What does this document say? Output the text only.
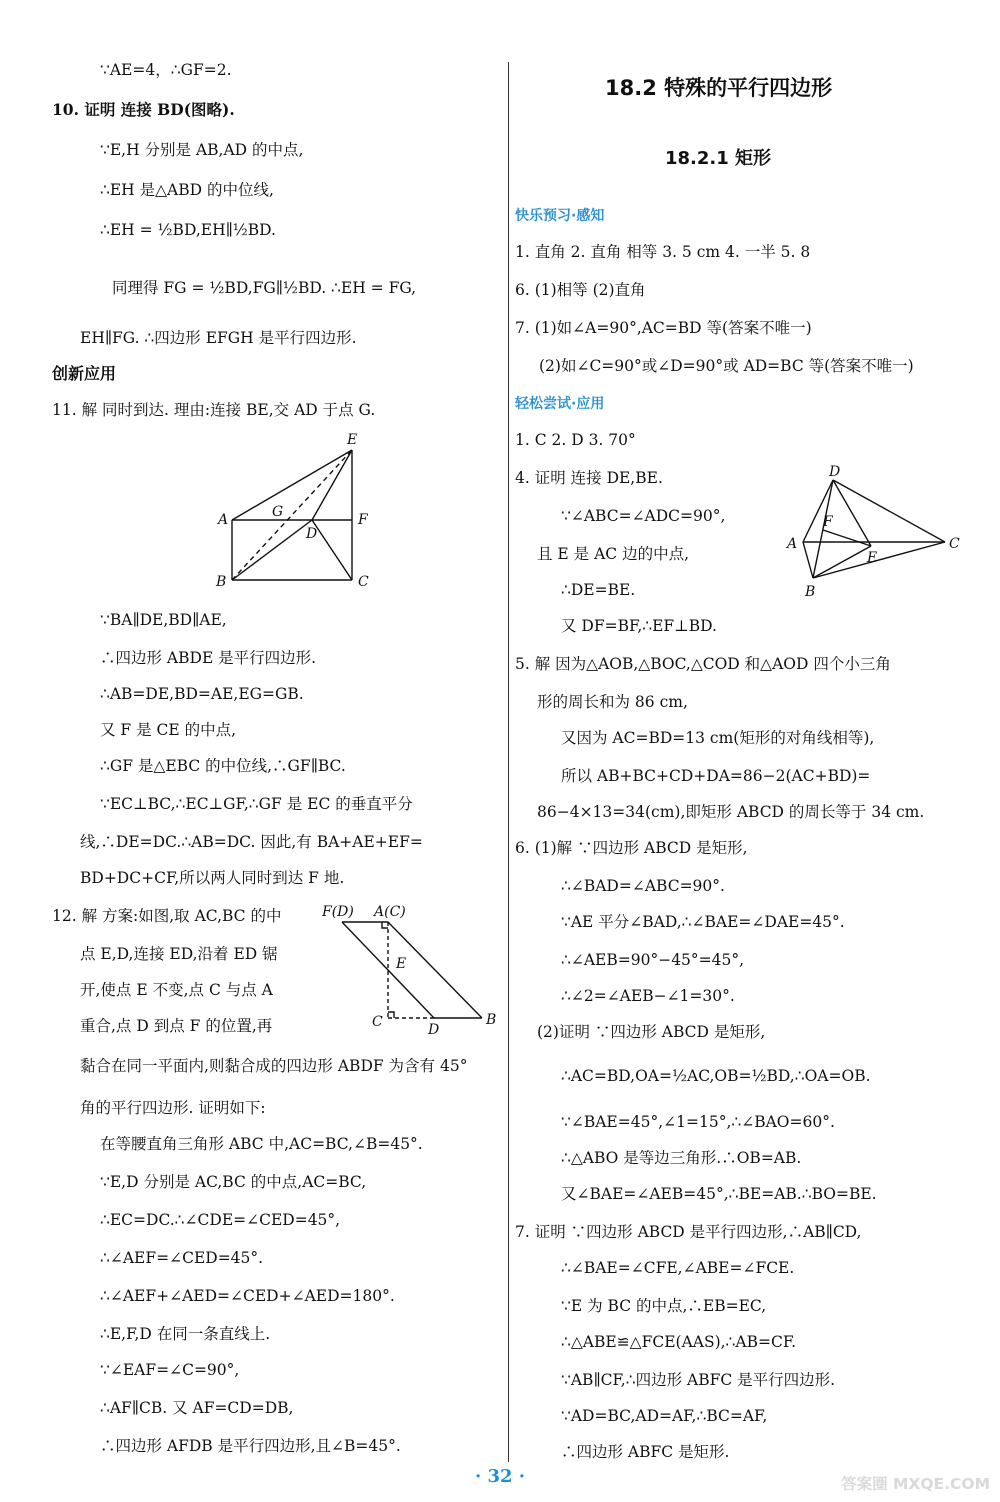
∵AE=4，∴GF=2.
10. 证明 连接 BD(图略).
∵E,H 分别是 AB,AD 的中点,
∴EH 是△ABD 的中位线,
∴EH = ½BD,EH∥½BD.
同理得 FG = ½BD,FG∥½BD. ∴EH = FG,
EH∥FG. ∴四边形 EFGH 是平行四边形.
创新应用
11. 解 同时到达. 理由:连接 BE,交 AD 于点 G.
E
A	G	F
D
B	C
∵BA∥DE,BD∥AE,
∴四边形 ABDE 是平行四边形.
∴AB=DE,BD=AE,EG=GB.
又 F 是 CE 的中点,
∴GF 是△EBC 的中位线,∴GF∥BC.
∵EC⊥BC,∴EC⊥GF,∴GF 是 EC 的垂直平分
线,∴DE=DC.∴AB=DC. 因此,有 BA+AE+EF=
BD+DC+CF,所以两人同时到达 F 地.
12. 解 方案:如图,取 AC,BC 的中
点 E,D,连接 ED,沿着 ED 锯
开,使点 E 不变,点 C 与点 A
重合,点 D 到点 F 的位置,再
F(D) A(C)
E
C	D
B
黏合在同一平面内,则黏合成的四边形 ABDF 为含有 45°
角的平行四边形. 证明如下:
在等腰直角三角形 ABC 中,AC=BC,∠B=45°.
∵E,D 分别是 AC,BC 的中点,AC=BC,
∴EC=DC.∴∠CDE=∠CED=45°,
∴∠AEF=∠CED=45°.
∴∠AEF+∠AED=∠CED+∠AED=180°.
∴E,F,D 在同一条直线上.
∵∠EAF=∠C=90°,
∴AF∥CB. 又 AF=CD=DB,
∴四边形 AFDB 是平行四边形,且∠B=45°.
18.2 特殊的平行四边形
18.2.1 矩形
快乐预习·感知
1. 直角 2. 直角 相等 3. 5 cm 4. 一半 5. 8
6. (1)相等 (2)直角
7. (1)如∠A=90°,AC=BD 等(答案不唯一)
(2)如∠C=90°或∠D=90°或 AD=BC 等(答案不唯一)
轻松尝试·应用
1. C 2. D 3. 70°
4. 证明 连接 DE,BE.
∵∠ABC=∠ADC=90°,
且 E 是 AC 边的中点,
∴DE=BE.
又 DF=BF,∴EF⊥BD.
D
A
F
E
C
B
5. 解 因为△AOB,△BOC,△COD 和△AOD 四个小三角
形的周长和为 86 cm,
又因为 AC=BD=13 cm(矩形的对角线相等),
所以 AB+BC+CD+DA=86−2(AC+BD)=
86−4×13=34(cm),即矩形 ABCD 的周长等于 34 cm.
6. (1)解 ∵四边形 ABCD 是矩形,
∴∠BAD=∠ABC=90°.
∵AE 平分∠BAD,∴∠BAE=∠DAE=45°.
∴∠AEB=90°−45°=45°,
∴∠2=∠AEB−∠1=30°.
(2)证明 ∵四边形 ABCD 是矩形,
∴AC=BD,OA=½AC,OB=½BD,∴OA=OB.
∵∠BAE=45°,∠1=15°,∴∠BAO=60°.
∴△ABO 是等边三角形.∴OB=AB.
又∠BAE=∠AEB=45°,∴BE=AB.∴BO=BE.
7. 证明 ∵四边形 ABCD 是平行四边形,∴AB∥CD,
∴∠BAE=∠CFE,∠ABE=∠FCE.
∵E 为 BC 的中点,∴EB=EC,
∴△ABE≌△FCE(AAS),∴AB=CF.
∵AB∥CF,∴四边形 ABFC 是平行四边形.
∵AD=BC,AD=AF,∴BC=AF,
∴四边形 ABFC 是矩形.
· 32 ·	答案圈 MXQE.COM
